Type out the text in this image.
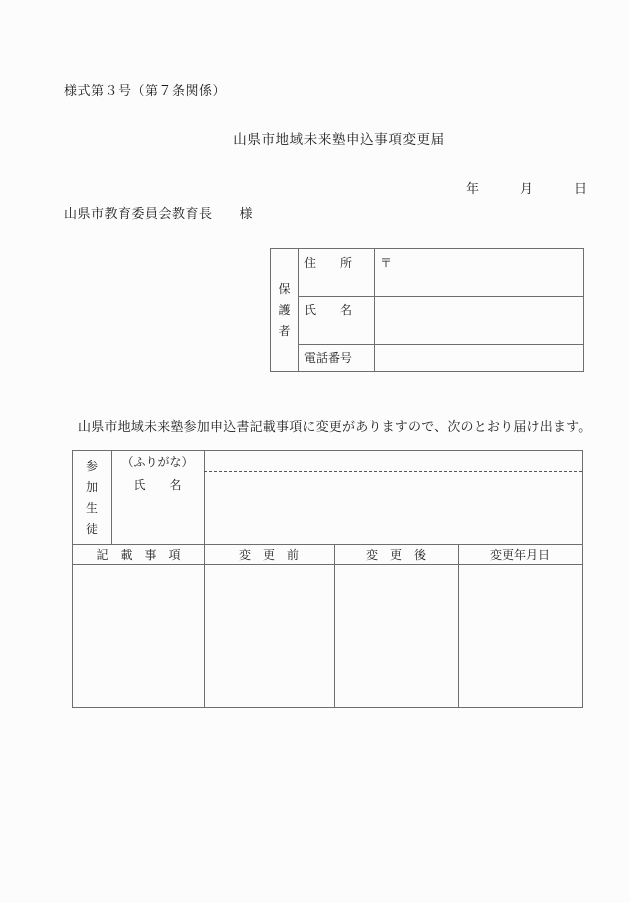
様式第３号（第７条関係）
山県市地域未来塾申込事項変更届
年　　　月　　　日
山県市教育委員会教育長　　様
保
護
者
住　　所	〒
氏　　名
電話番号
山県市地域未来塾参加申込書記載事項に変更がありますので、次のとおり届け出ます。
参
加
生
徒
（ふりがな）
氏　　名
記　載　事　項	変　更　前	変　更　後	変更年月日
